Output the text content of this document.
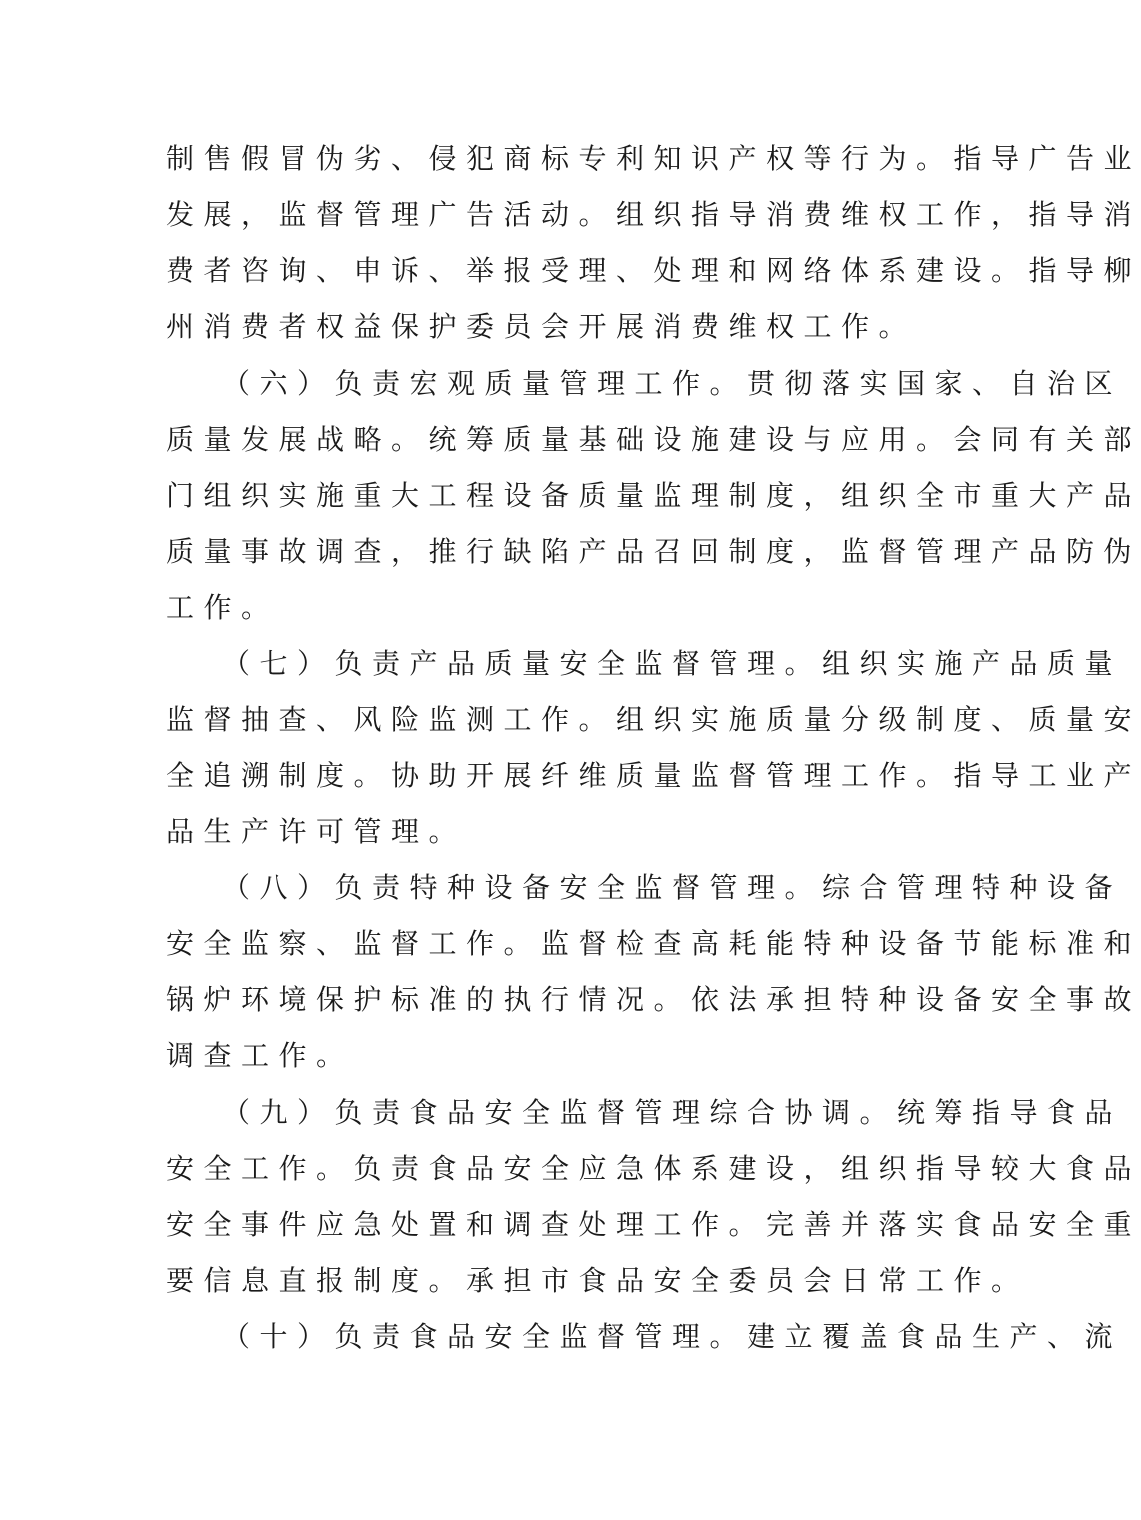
制售假冒伪劣、侵犯商标专利知识产权等行为。指导广告业
发展，监督管理广告活动。组织指导消费维权工作，指导消
费者咨询、申诉、举报受理、处理和网络体系建设。指导柳
州消费者权益保护委员会开展消费维权工作。
（六）负责宏观质量管理工作。贯彻落实国家、自治区
质量发展战略。统筹质量基础设施建设与应用。会同有关部
门组织实施重大工程设备质量监理制度，组织全市重大产品
质量事故调查，推行缺陷产品召回制度，监督管理产品防伪
工作。
（七）负责产品质量安全监督管理。组织实施产品质量
监督抽查、风险监测工作。组织实施质量分级制度、质量安
全追溯制度。协助开展纤维质量监督管理工作。指导工业产
品生产许可管理。
（八）负责特种设备安全监督管理。综合管理特种设备
安全监察、监督工作。监督检查高耗能特种设备节能标准和
锅炉环境保护标准的执行情况。依法承担特种设备安全事故
调查工作。
（九）负责食品安全监督管理综合协调。统筹指导食品
安全工作。负责食品安全应急体系建设，组织指导较大食品
安全事件应急处置和调查处理工作。完善并落实食品安全重
要信息直报制度。承担市食品安全委员会日常工作。
（十）负责食品安全监督管理。建立覆盖食品生产、流
